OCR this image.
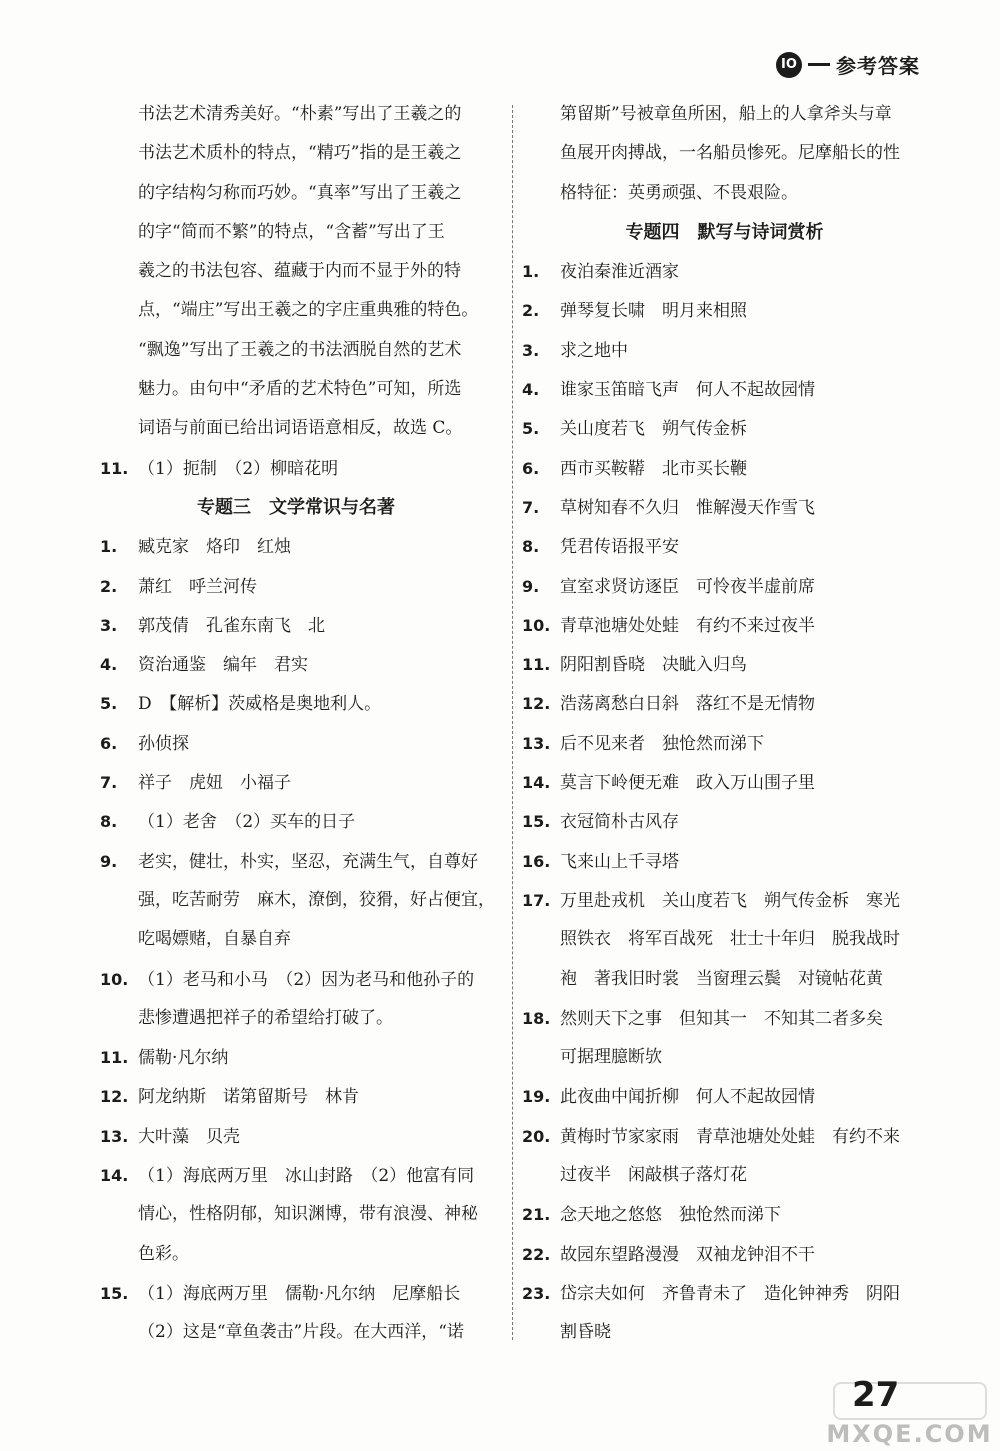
IO 参考答案
书法艺术清秀美好。“朴素”写出了王羲之的
书法艺术质朴的特点，“精巧”指的是王羲之
的字结构匀称而巧妙。“真率”写出了王羲之
的字“简而不繁”的特点，“含蓄”写出了王
羲之的书法包容、蕴藏于内而不显于外的特
点，“端庄”写出王羲之的字庄重典雅的特色。
“飘逸”写出了王羲之的书法洒脱自然的艺术
魅力。由句中“矛盾的艺术特色”可知，所选
词语与前面已给出词语语意相反，故选 C。
11. （1）扼制　（2）柳暗花明
专题三　文学常识与名著
1. 臧克家　烙印　红烛
2. 萧红　呼兰河传
3. 郭茂倩　孔雀东南飞　北
4. 资治通鉴　编年　君实
5. D　【解析】茨威格是奥地利人。
6. 孙侦探
7. 祥子　虎妞　小福子
8. （1）老舍　（2）买车的日子
9. 老实，健壮，朴实，坚忍，充满生气，自尊好
强，吃苦耐劳　麻木，潦倒，狡猾，好占便宜，
吃喝嫖赌，自暴自弃
10. （1）老马和小马　（2）因为老马和他孙子的
悲惨遭遇把祥子的希望给打破了。
11. 儒勒·凡尔纳
12. 阿龙纳斯　诺第留斯号　林肯
13. 大叶藻　贝壳
14. （1）海底两万里　冰山封路　（2）他富有同
情心，性格阴郁，知识渊博，带有浪漫、神秘
色彩。
15. （1）海底两万里　儒勒·凡尔纳　尼摩船长
（2）这是“章鱼袭击”片段。在大西洋，“诺
第留斯”号被章鱼所困，船上的人拿斧头与章
鱼展开肉搏战，一名船员惨死。尼摩船长的性
格特征：英勇顽强、不畏艰险。
专题四　默写与诗词赏析
1. 夜泊秦淮近酒家
2. 弹琴复长啸　明月来相照
3. 求之地中
4. 谁家玉笛暗飞声　何人不起故园情
5. 关山度若飞　朔气传金柝
6. 西市买鞍鞯　北市买长鞭
7. 草树知春不久归　惟解漫天作雪飞
8. 凭君传语报平安
9. 宣室求贤访逐臣　可怜夜半虚前席
10. 青草池塘处处蛙　有约不来过夜半
11. 阴阳割昏晓　决眦入归鸟
12. 浩荡离愁白日斜　落红不是无情物
13. 后不见来者　独怆然而涕下
14. 莫言下岭便无难　政入万山围子里
15. 衣冠简朴古风存
16. 飞来山上千寻塔
17. 万里赴戎机　关山度若飞　朔气传金柝　寒光
照铁衣　将军百战死　壮士十年归　脱我战时
袍　著我旧时裳　当窗理云鬓　对镜帖花黄
18. 然则天下之事　但知其一　不知其二者多矣
可据理臆断欤
19. 此夜曲中闻折柳　何人不起故园情
20. 黄梅时节家家雨　青草池塘处处蛙　有约不来
过夜半　闲敲棋子落灯花
21. 念天地之悠悠　独怆然而涕下
22. 故园东望路漫漫　双袖龙钟泪不干
23. 岱宗夫如何　齐鲁青未了　造化钟神秀　阴阳
割昏晓
MXQE.COM
27
